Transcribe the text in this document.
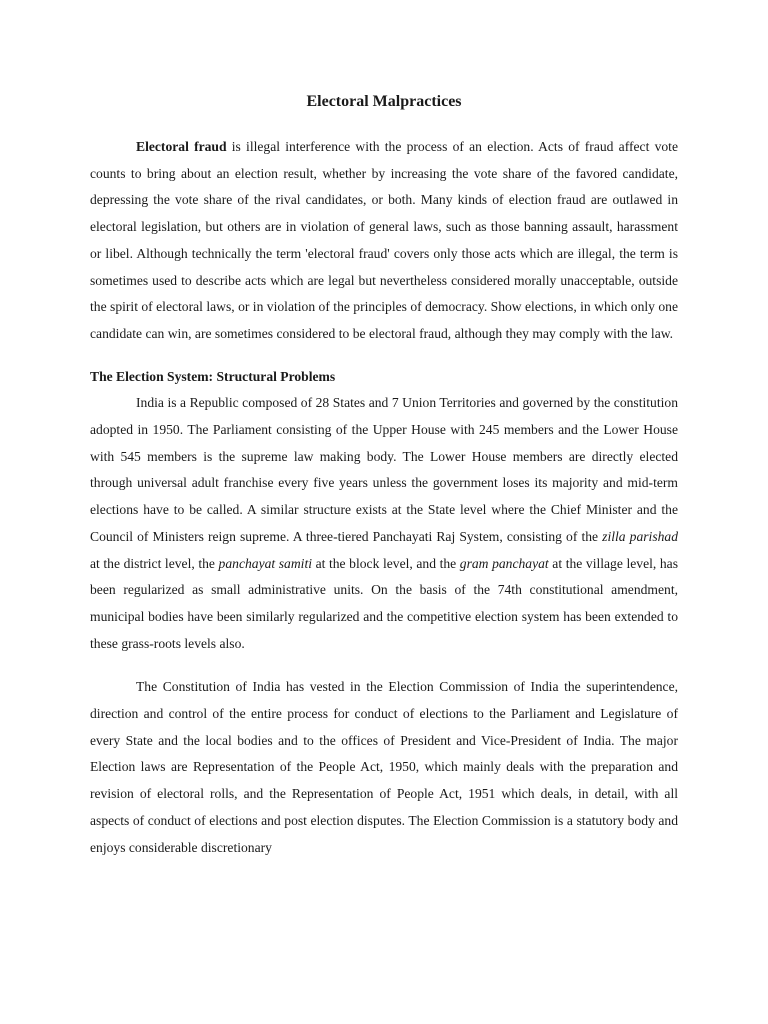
Electoral Malpractices

Electoral fraud is illegal interference with the process of an election. Acts of fraud affect vote counts to bring about an election result, whether by increasing the vote share of the favored candidate, depressing the vote share of the rival candidates, or both. Many kinds of election fraud are outlawed in electoral legislation, but others are in violation of general laws, such as those banning assault, harassment or libel. Although technically the term 'electoral fraud' covers only those acts which are illegal, the term is sometimes used to describe acts which are legal but nevertheless considered morally unacceptable, outside the spirit of electoral laws, or in violation of the principles of democracy. Show elections, in which only one candidate can win, are sometimes considered to be electoral fraud, although they may comply with the law.

The Election System: Structural Problems

India is a Republic composed of 28 States and 7 Union Territories and governed by the constitution adopted in 1950. The Parliament consisting of the Upper House with 245 members and the Lower House with 545 members is the supreme law making body. The Lower House members are directly elected through universal adult franchise every five years unless the government loses its majority and mid-term elections have to be called. A similar structure exists at the State level where the Chief Minister and the Council of Ministers reign supreme. A three-tiered Panchayati Raj System, consisting of the zilla parishad at the district level, the panchayat samiti at the block level, and the gram panchayat at the village level, has been regularized as small administrative units. On the basis of the 74th constitutional amendment, municipal bodies have been similarly regularized and the competitive election system has been extended to these grass-roots levels also.

The Constitution of India has vested in the Election Commission of India the superintendence, direction and control of the entire process for conduct of elections to the Parliament and Legislature of every State and the local bodies and to the offices of President and Vice-President of India. The major Election laws are Representation of the People Act, 1950, which mainly deals with the preparation and revision of electoral rolls, and the Representation of People Act, 1951 which deals, in detail, with all aspects of conduct of elections and post election disputes. The Election Commission is a statutory body and enjoys considerable discretionary
